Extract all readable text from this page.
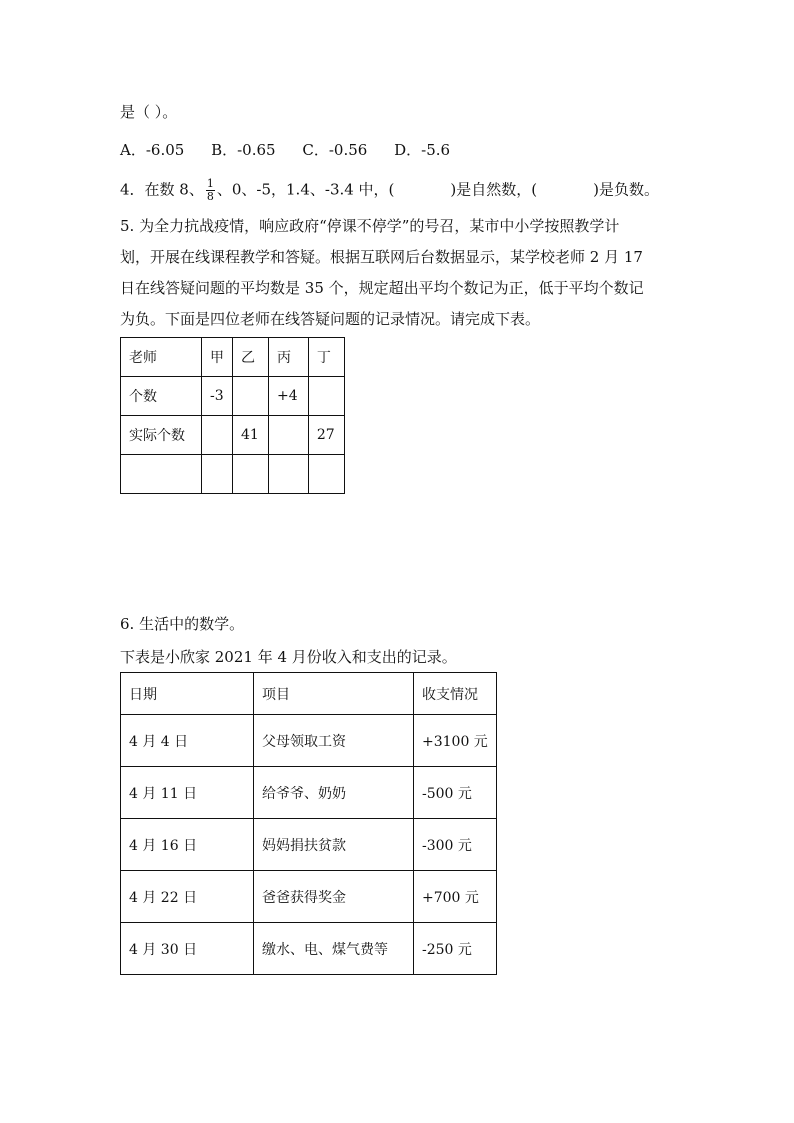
是（ ）。
A．-6.05 B．-0.65 C．-0.56 D．-5.6
4．在数 8、 $\frac{1}{8}$ 、0、-5，1.4、-3.4 中，(	)是自然数，(	)是负数。
5. 为全力抗战疫情，响应政府“停课不停学”的号召，某市中小学按照教学计
划，开展在线课程教学和答疑。根据互联网后台数据显示，某学校老师 2 月 17
日在线答疑问题的平均数是 35 个，规定超出平均个数记为正，低于平均个数记
为负。下面是四位老师在线答疑问题的记录情况。请完成下表。
老师	甲	乙	丙	丁
个数	-3		+4	
实际个数		41		27

6. 生活中的数学。
下表是小欣家 2021 年 4 月份收入和支出的记录。
日期	项目	收支情况
4 月 4 日	父母领取工资	+3100 元
4 月 11 日	给爷爷、奶奶	-500 元
4 月 16 日	妈妈捐扶贫款	-300 元
4 月 22 日	爸爸获得奖金	+700 元
4 月 30 日	缴水、电、煤气费等	-250 元
